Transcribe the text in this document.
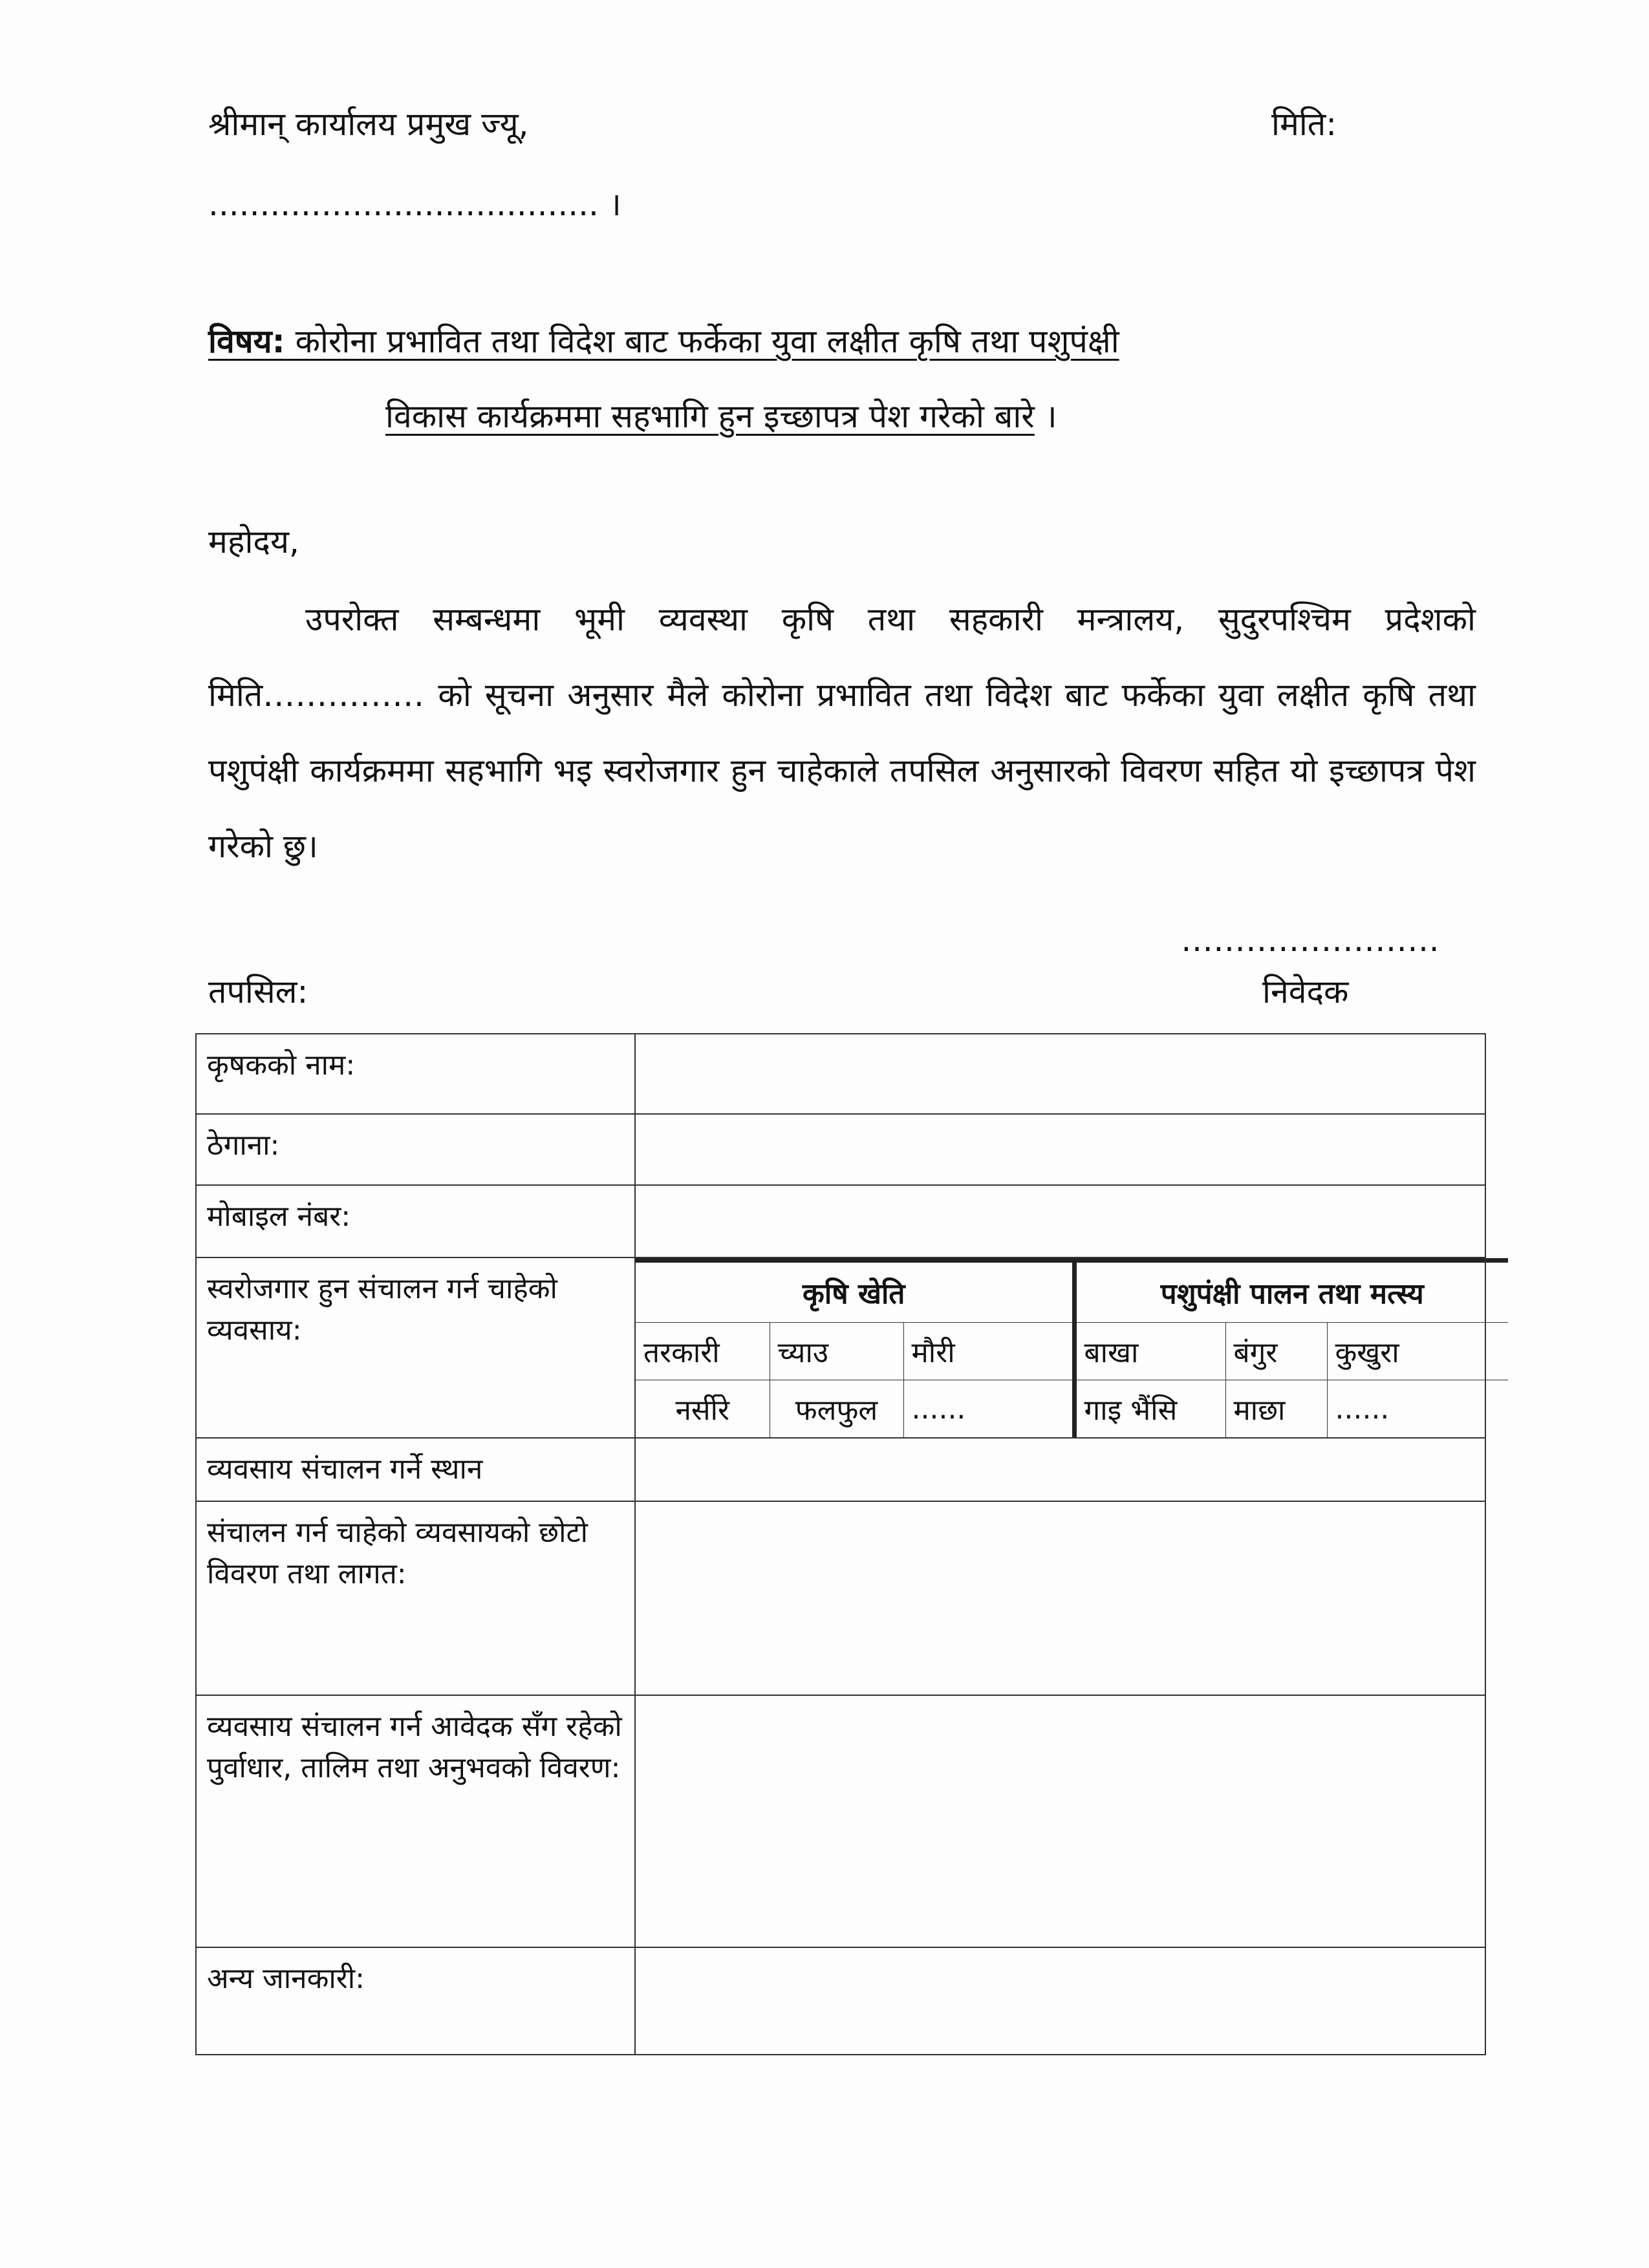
श्रीमान् कार्यालय प्रमुख ज्यू,	मिति:
...................................... ।
विषय: कोरोना प्रभावित तथा विदेश बाट फर्केका युवा लक्षीत कृषि तथा पशुपंक्षी
विकास कार्यक्रममा सहभागि हुन इच्छापत्र पेश गरेको बारे ।
महोदय,
उपरोक्त सम्बन्धमा भूमी व्यवस्था कृषि तथा सहकारी मन्त्रालय, सुदुरपश्चिम प्रदेशको मिति…………… को सूचना अनुसार मैले कोरोना प्रभावित तथा विदेश बाट फर्केका युवा लक्षीत कृषि तथा पशुपंक्षी कार्यक्रममा सहभागि भइ स्वरोजगार हुन चाहेकाले तपसिल अनुसारको विवरण सहित यो इच्छापत्र पेश गरेको छु।
……………………
तपसिल:	निवेदक
कृषकको नाम:	
ठेगाना:	
मोबाइल नंबर:	
स्वरोजगार हुन संचालन गर्न चाहेको व्यवसाय:	
कृषि खेति	पशुपंक्षी पालन तथा मत्स्य
तरकारी	च्याउ	मौरी	बाखा	बंगुर	कुखुरा
नर्सीरे	फलफुल	......	गाइ भैंसि	माछा	......

व्यवसाय संचालन गर्ने स्थान	
संचालन गर्न चाहेको व्यवसायको छोटो विवरण तथा लागत:	
व्यवसाय संचालन गर्न आवेदक सँग रहेको पुर्वाधार, तालिम तथा अनुभवको विवरण:	
अन्य जानकारी:	
